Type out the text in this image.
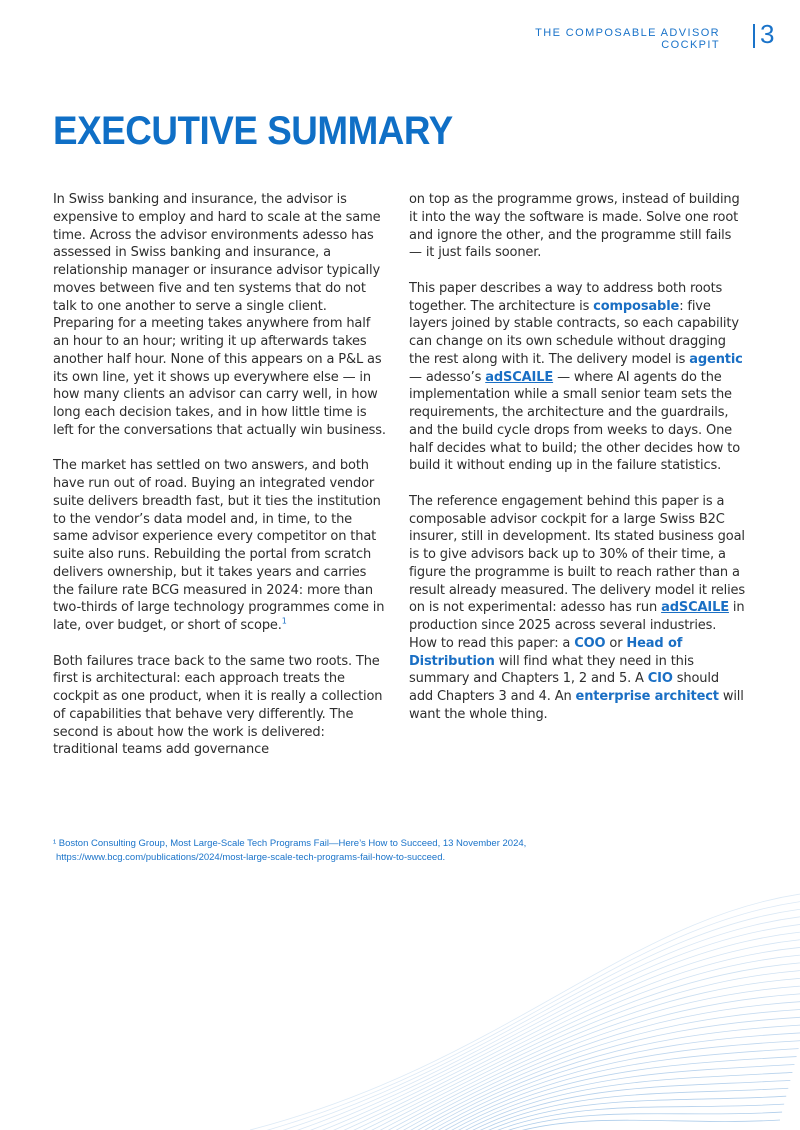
THE COMPOSABLE ADVISOR COCKPIT 3
EXECUTIVE SUMMARY

In Swiss banking and insurance, the advisor is expensive to employ and hard to scale at the same time. Across the advisor environments adesso has assessed in Swiss banking and insurance, a relationship manager or insurance advisor typically moves between five and ten systems that do not talk to one another to serve a single client. Preparing for a meeting takes anywhere from half an hour to an hour; writing it up afterwards takes another half hour. None of this appears on a P&L as its own line, yet it shows up everywhere else — in how many clients an advisor can carry well, in how long each decision takes, and in how little time is left for the conversations that actually win business.

The market has settled on two answers, and both have run out of road. Buying an integrated vendor suite delivers breadth fast, but it ties the institution to the vendor’s data model and, in time, to the same advisor experience every competitor on that suite also runs. Rebuilding the portal from scratch delivers ownership, but it takes years and carries the failure rate BCG measured in 2024: more than two-thirds of large technology programmes come in late, over budget, or short of scope.$^1$

Both failures trace back to the same two roots. The first is architectural: each approach treats the cockpit as one product, when it is really a collection of capabilities that behave very differently. The second is about how the work is delivered: traditional teams add governance

on top as the programme grows, instead of building it into the way the software is made. Solve one root and ignore the other, and the programme still fails — it just fails sooner.

This paper describes a way to address both roots together. The architecture is composable: five layers joined by stable contracts, so each capability can change on its own schedule without dragging the rest along with it. The delivery model is agentic — adesso’s adSCAILE — where AI agents do the implementation while a small senior team sets the requirements, the architecture and the guardrails, and the build cycle drops from weeks to days. One half decides what to build; the other decides how to build it without ending up in the failure statistics.

The reference engagement behind this paper is a composable advisor cockpit for a large Swiss B2C insurer, still in development. Its stated business goal is to give advisors back up to 30% of their time, a figure the programme is built to reach rather than a result already measured. The delivery model it relies on is not experimental: adesso has run adSCAILE in production since 2025 across several industries.

How to read this paper: a COO or Head of Distribution will find what they need in this summary and Chapters 1, 2 and 5. A CIO should add Chapters 3 and 4. An enterprise architect will want the whole thing.

¹ Boston Consulting Group, Most Large-Scale Tech Programs Fail—Here’s How to Succeed, 13 November 2024,
https://www.bcg.com/publications/2024/most-large-scale-tech-programs-fail-how-to-succeed.
